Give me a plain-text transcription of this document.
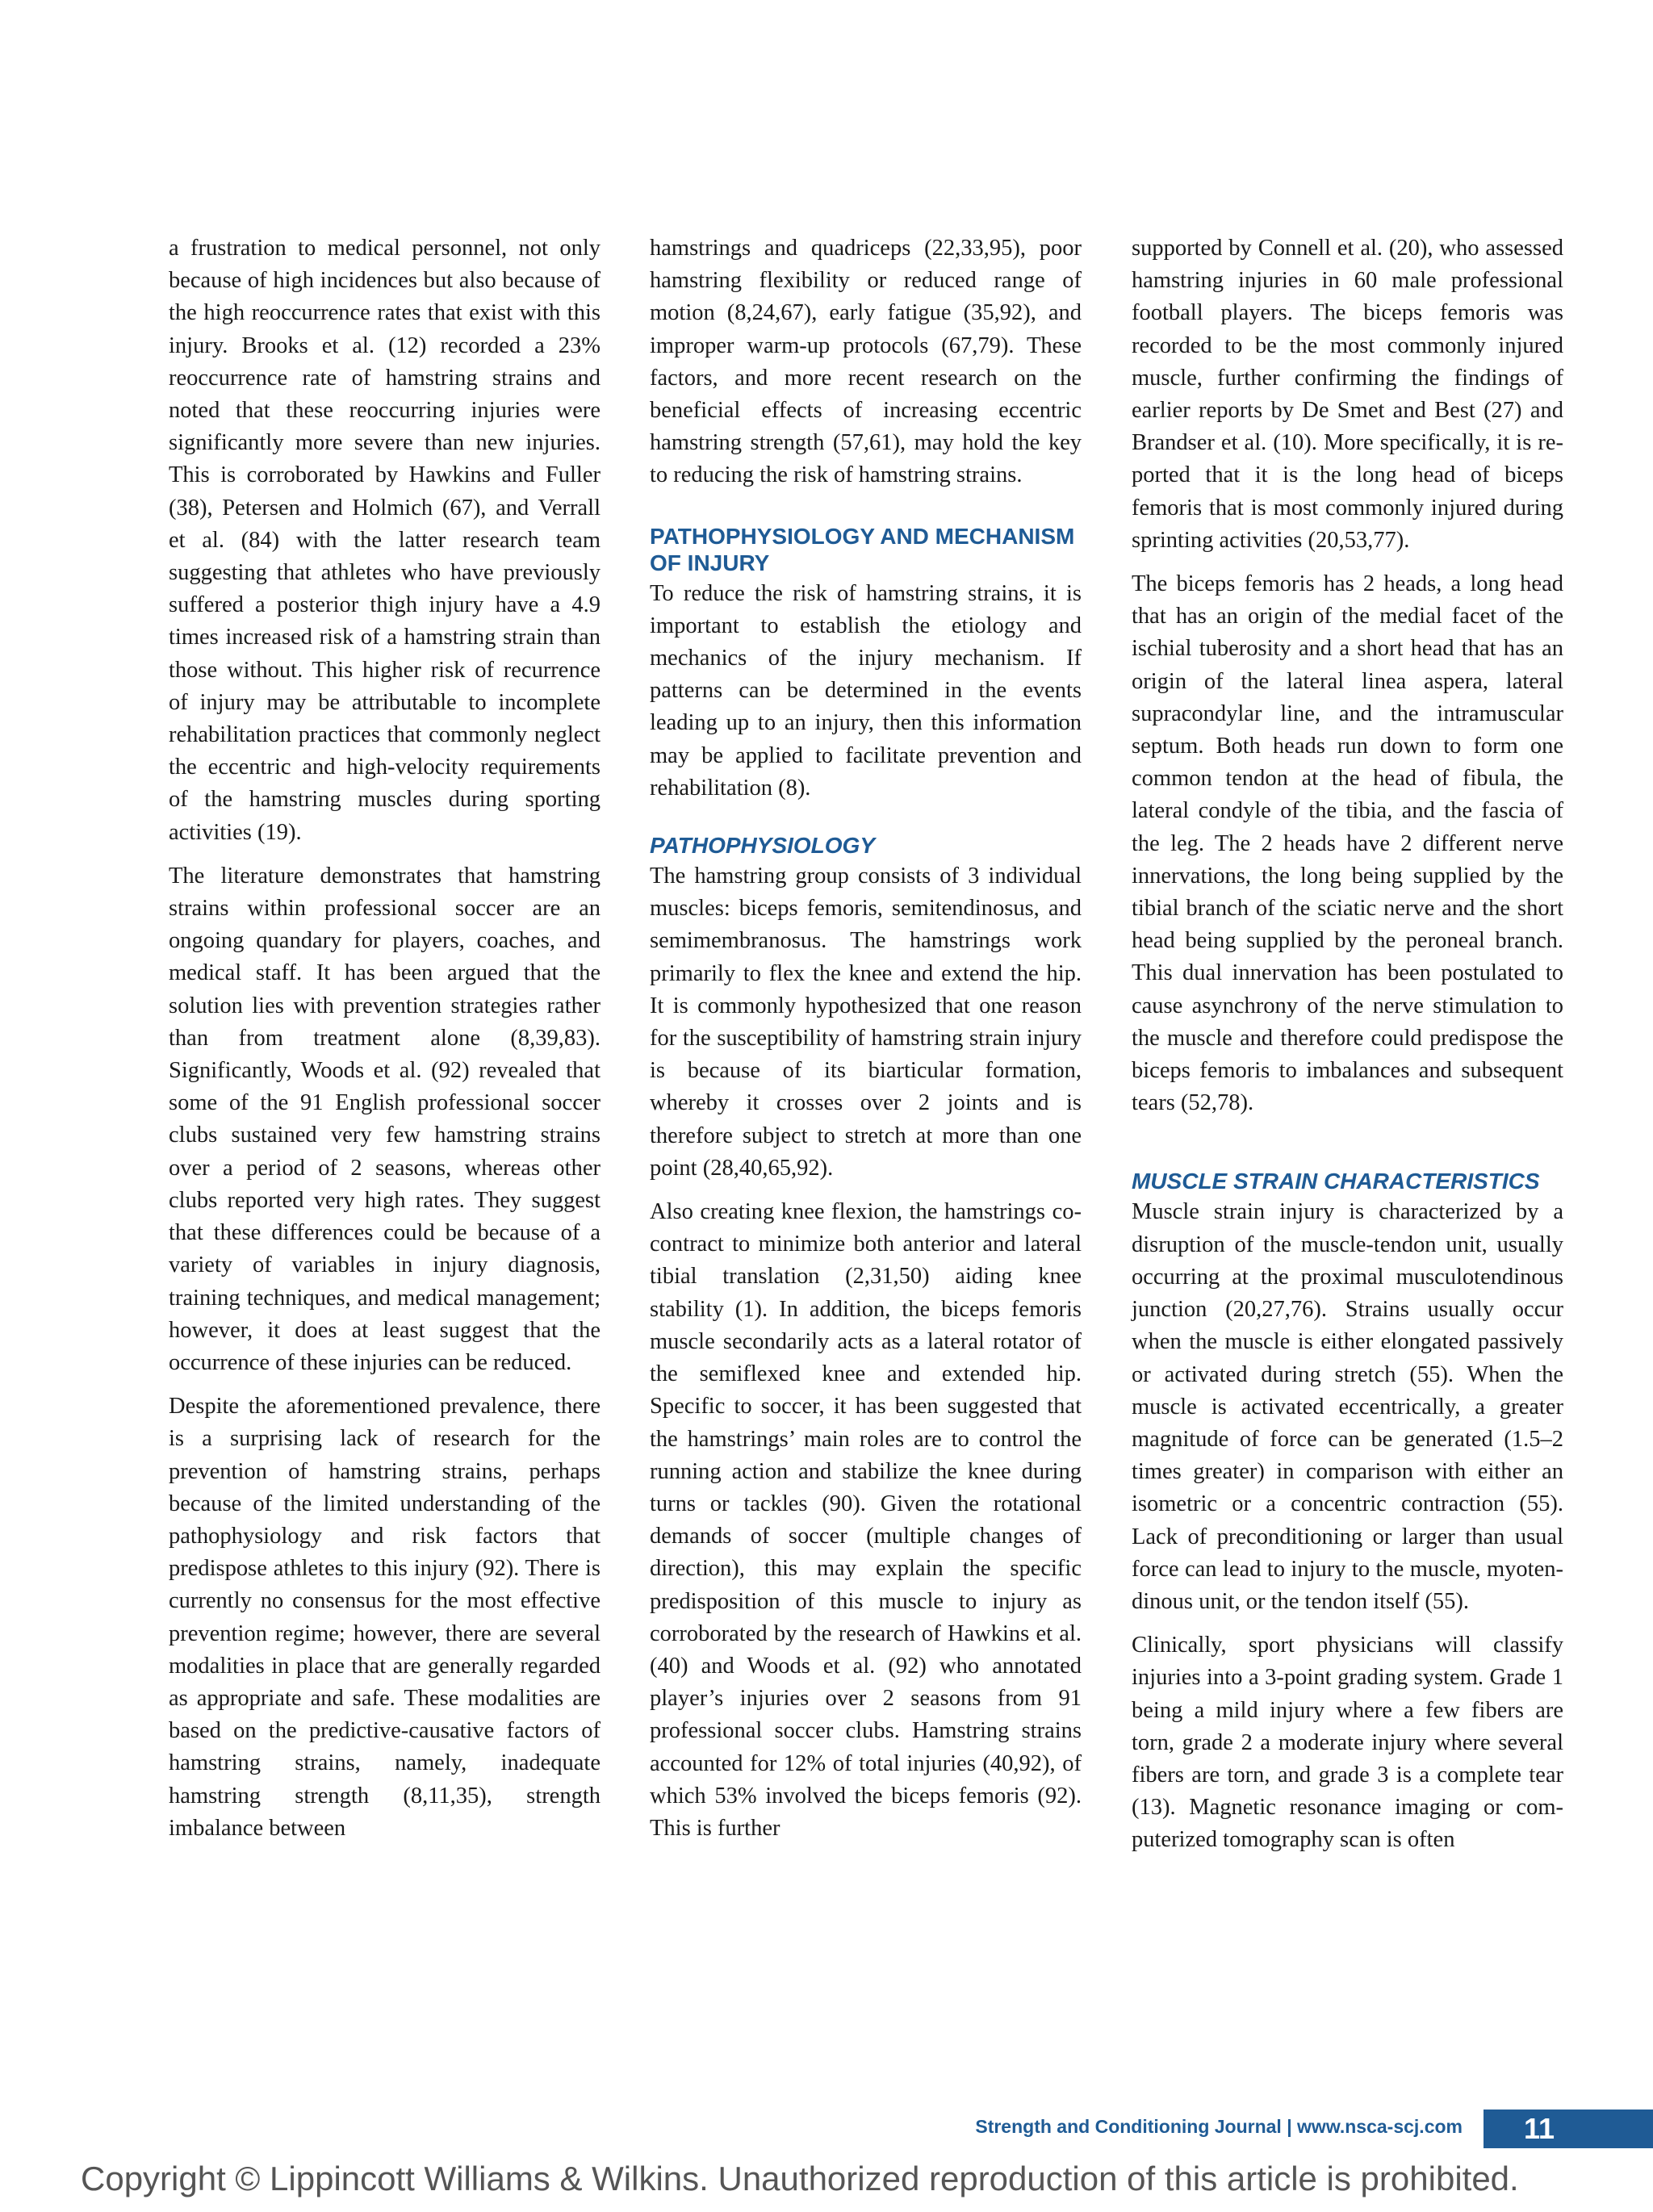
a frustration to medical personnel, not only because of high incidences but also because of the high reoccurrence rates that exist with this injury. Brooks et al. (12) recorded a 23% reoccurrence rate of hamstring strains and noted that these reoccurring injuries were significantly more severe than new injuries. This is corroborated by Hawkins and Fuller (38), Petersen and Holmich (67), and Verrall et al. (84) with the latter research team suggesting that athletes who have previously suffered a posterior thigh injury have a 4.9 times increased risk of a hamstring strain than those without. This higher risk of recurrence of injury may be attributable to incomplete rehabilitation practices that commonly neglect the eccentric and high-velocity requirements of the hamstring muscles during sporting activities (19).

The literature demonstrates that hamstring strains within professional soccer are an ongoing quandary for players, coaches, and medical staff. It has been argued that the solution lies with prevention strategies rather than from treatment alone (8,39,83). Significantly, Woods et al. (92) revealed that some of the 91 English professional soccer clubs sustained very few hamstring strains over a period of 2 seasons, whereas other clubs reported very high rates. They suggest that these differences could be because of a variety of variables in injury diagnosis, training techniques, and medical management; however, it does at least suggest that the occurrence of these injuries can be reduced.

Despite the aforementioned prevalence, there is a surprising lack of research for the prevention of hamstring strains, perhaps because of the limited understanding of the pathophysiology and risk factors that predispose athletes to this injury (92). There is currently no consensus for the most effective prevention regime; however, there are several modalities in place that are generally regarded as appropriate and safe. These modalities are based on the predictive-causative factors of hamstring strains, namely, inadequate hamstring strength (8,11,35), strength imbalance between

hamstrings and quadriceps (22,33,95), poor hamstring flexibility or reduced range of motion (8,24,67), early fatigue (35,92), and improper warm-up protocols (67,79). These factors, and more recent research on the beneficial effects of increasing eccentric hamstring strength (57,61), may hold the key to reducing the risk of hamstring strains.

PATHOPHYSIOLOGY AND MECHANISM OF INJURY

To reduce the risk of hamstring strains, it is important to establish the etiology and mechanics of the injury mechanism. If patterns can be determined in the events leading up to an injury, then this information may be applied to facilitate prevention and rehabilitation (8).

PATHOPHYSIOLOGY

The hamstring group consists of 3 individual muscles: biceps femoris, semitendinosus, and semimembranosus. The hamstrings work primarily to flex the knee and extend the hip. It is commonly hypothesized that one reason for the susceptibility of hamstring strain injury is because of its biarticular formation, whereby it crosses over 2 joints and is therefore subject to stretch at more than one point (28,40,65,92).

Also creating knee flexion, the hamstrings co-contract to minimize both anterior and lateral tibial translation (2,31,50) aiding knee stability (1). In addition, the biceps femoris muscle secondarily acts as a lateral rotator of the semiflexed knee and extended hip. Specific to soccer, it has been suggested that the hamstrings’ main roles are to control the running action and stabilize the knee during turns or tackles (90). Given the rotational demands of soccer (multiple changes of direction), this may explain the specific predisposition of this muscle to injury as corroborated by the research of Hawkins et al. (40) and Woods et al. (92) who annotated player’s injuries over 2 seasons from 91 professional soccer clubs. Hamstring strains accounted for 12% of total injuries (40,92), of which 53% involved the biceps femoris (92). This is further

supported by Connell et al. (20), who assessed hamstring injuries in 60 male professional football players. The biceps femoris was recorded to be the most commonly injured muscle, further confirming the findings of earlier reports by De Smet and Best (27) and Brandser et al. (10). More specifically, it is reported that it is the long head of biceps femoris that is most commonly injured during sprinting activities (20,53,77).

The biceps femoris has 2 heads, a long head that has an origin of the medial facet of the ischial tuberosity and a short head that has an origin of the lateral linea aspera, lateral supracondylar line, and the intramuscular septum. Both heads run down to form one common tendon at the head of fibula, the lateral condyle of the tibia, and the fascia of the leg. The 2 heads have 2 different nerve innervations, the long being supplied by the tibial branch of the sciatic nerve and the short head being supplied by the peroneal branch. This dual innervation has been postulated to cause asynchrony of the nerve stimulation to the muscle and therefore could predispose the biceps femoris to imbalances and subsequent tears (52,78).

MUSCLE STRAIN CHARACTERISTICS

Muscle strain injury is characterized by a disruption of the muscle-tendon unit, usually occurring at the proximal musculotendinous junction (20,27,76). Strains usually occur when the muscle is either elongated passively or activated during stretch (55). When the muscle is activated eccentrically, a greater magnitude of force can be generated (1.5–2 times greater) in comparison with either an isometric or a concentric contraction (55). Lack of preconditioning or larger than usual force can lead to injury to the muscle, myotendinous unit, or the tendon itself (55).

Clinically, sport physicians will classify injuries into a 3-point grading system. Grade 1 being a mild injury where a few fibers are torn, grade 2 a moderate injury where several fibers are torn, and grade 3 is a complete tear (13). Magnetic resonance imaging or computerized tomography scan is often

Strength and Conditioning Journal | www.nsca-scj.com	11
Copyright © Lippincott Williams & Wilkins. Unauthorized reproduction of this article is prohibited.
